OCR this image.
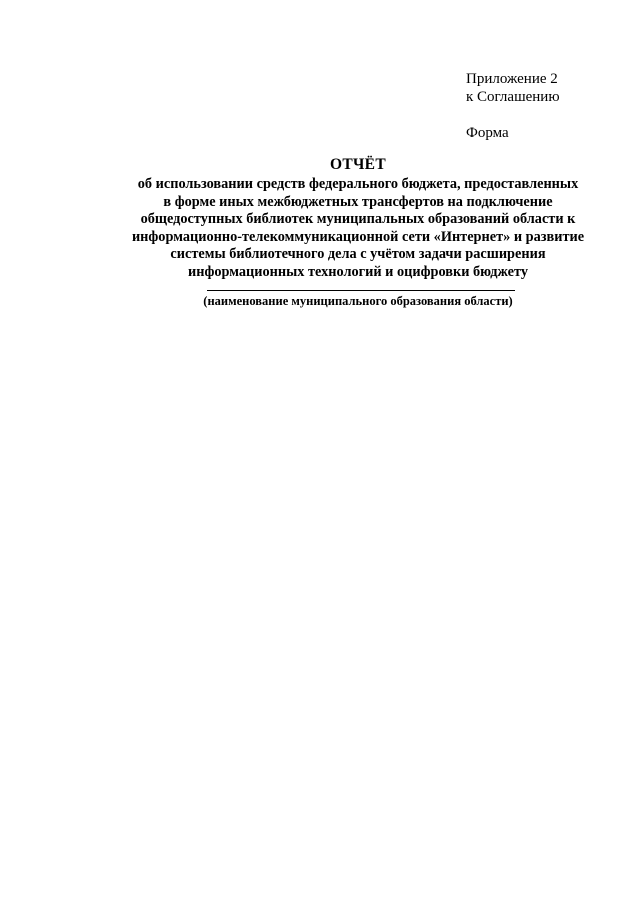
Приложение 2
к Соглашению
Форма
ОТЧЁТ
об использовании средств федерального бюджета, предоставленных
в форме иных межбюджетных трансфертов на подключение
общедоступных библиотек муниципальных образований области к
информационно-телекоммуникационной сети «Интернет» и развитие
системы библиотечного дела с учётом задачи расширения
информационных технологий и оцифровки бюджету
(наименование муниципального образования области)
